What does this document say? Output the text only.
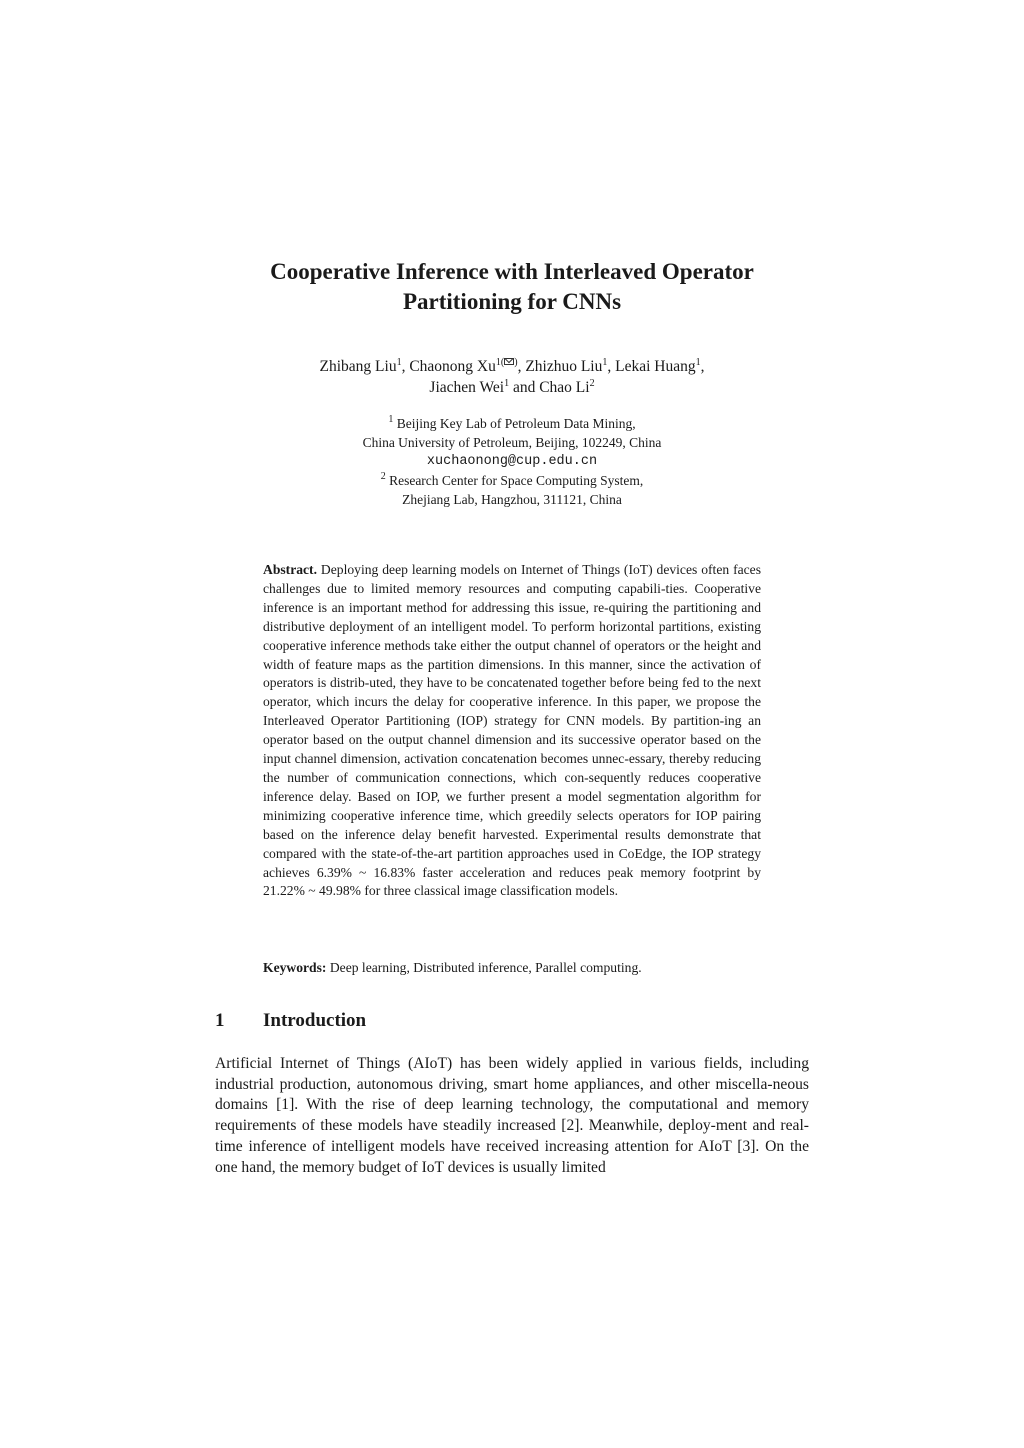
Cooperative Inference with Interleaved Operator
Partitioning for CNNs
Zhibang Liu$^1$, Chaonong $Xu^{1( )}$, Zhizhuo Liu$^1$, Lekai Huang$^1$,
Jiachen Wei$^1$ and Chao Li$^2$
$^1$ Beijing Key Lab of Petroleum Data Mining,
China University of Petroleum, Beijing, 102249, China
xuchaonong@cup.edu.cn
$^2$ Research Center for Space Computing System,
Zhejiang Lab, Hangzhou, 311121, China
Abstract. Deploying deep learning models on Internet of Things (IoT) devices often faces challenges due to limited memory resources and computing capabili-ties. Cooperative inference is an important method for addressing this issue, re-quiring the partitioning and distributive deployment of an intelligent model. To perform horizontal partitions, existing cooperative inference methods take either the output channel of operators or the height and width of feature maps as the partition dimensions. In this manner, since the activation of operators is distrib-uted, they have to be concatenated together before being fed to the next operator, which incurs the delay for cooperative inference. In this paper, we propose the Interleaved Operator Partitioning (IOP) strategy for CNN models. By partition-ing an operator based on the output channel dimension and its successive operator based on the input channel dimension, activation concatenation becomes unnec-essary, thereby reducing the number of communication connections, which con-sequently reduces cooperative inference delay. Based on IOP, we further present a model segmentation algorithm for minimizing cooperative inference time, which greedily selects operators for IOP pairing based on the inference delay benefit harvested. Experimental results demonstrate that compared with the state-of-the-art partition approaches used in CoEdge, the IOP strategy achieves 6.39% ~ 16.83% faster acceleration and reduces peak memory footprint by 21.22% ~ 49.98% for three classical image classification models.
Keywords: Deep learning, Distributed inference, Parallel computing.
1 Introduction
Artificial Internet of Things (AIoT) has been widely applied in various fields, including industrial production, autonomous driving, smart home appliances, and other miscella-neous domains [1]. With the rise of deep learning technology, the computational and memory requirements of these models have steadily increased [2]. Meanwhile, deploy-ment and real-time inference of intelligent models have received increasing attention for AIoT [3]. On the one hand, the memory budget of IoT devices is usually limited
